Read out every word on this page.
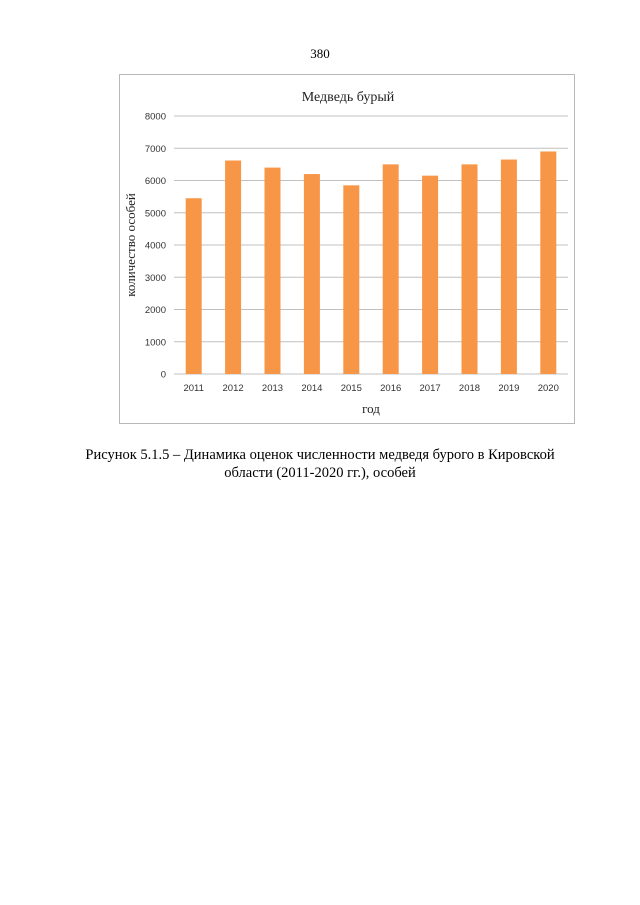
380
Медведь бурый
количество особей
год
0
1000
2000
3000
4000
5000
6000
7000
8000
2011 2012 2013 2014 2015 2016 2017 2018 2019 2020
Рисунок 5.1.5 – Динамика оценок численности медведя бурого в Кировской
области (2011-2020 гг.), особей
